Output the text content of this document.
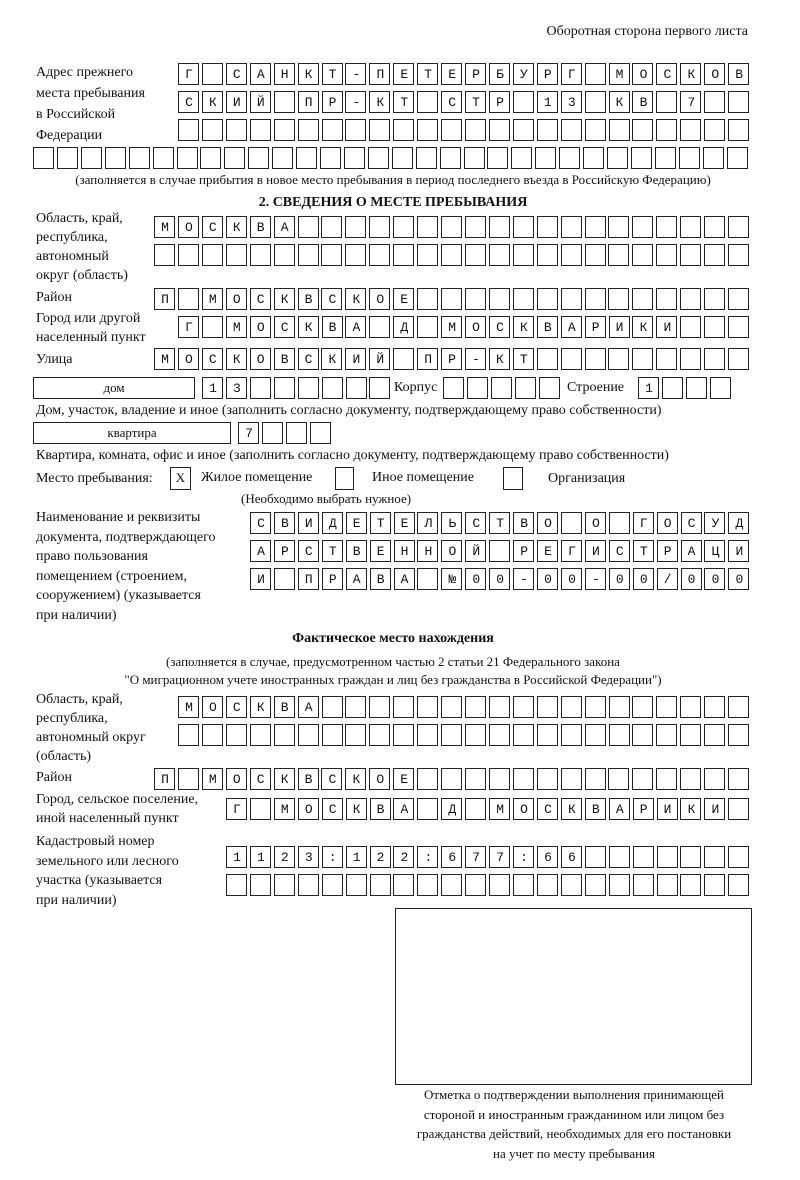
Оборотная сторона первого листа
Адрес прежнего
места пребывания
в Российской
Федерации
Г САНКТ-ПЕТЕРБУРГ МОСКОВ
СКИЙ ПР-КТ СТР 13 КВ 7
(заполняется в случае прибытия в новое место пребывания в период последнего въезда в Российскую Федерацию)
2. СВЕДЕНИЯ О МЕСТЕ ПРЕБЫВАНИЯ
Область, край,
республика,
автономный
округ (область)
МОСКВА
Район	П МОСКВСКОЕ
Город или другой
населенный пункт
Г МОСКВА Д МОСКВАРИКИ
Улица	МОСКОВСКИЙ ПР-КТ
дом	13	Корпус	Строение 1
Дом, участок, владение и иное (заполнить согласно документу, подтверждающему право собственности)
квартира	7
Квартира, комната, офис и иное (заполнить согласно документу, подтверждающему право собственности)
Место пребывания:	X	Жилое помещение	Иное помещение	Организация
(Необходимо выбрать нужное)
Наименование и реквизиты
документа, подтверждающего
право пользования
помещением (строением,
сооружением) (указывается
при наличии)
СВИДЕТЕЛЬСТВО О ГОСУД
АРСТВЕННОЙ РЕГИСТРАЦИ
И ПРАВА №00-00-00/000
Фактическое место нахождения
(заполняется в случае, предусмотренном частью 2 статьи 21 Федерального закона
"О миграционном учете иностранных граждан и лиц без гражданства в Российской Федерации")
Область, край,
республика,
автономный округ
(область)
МОСКВА
Район	П МОСКВСКОЕ
Город, сельское поселение,
иной населенный пункт
Г МОСКВА Д МОСКВАРИКИ
Кадастровый номер
земельного или лесного
участка (указывается
при наличии)
1123:122:677:66
Отметка о подтверждении выполнения принимающей
стороной и иностранным гражданином или лицом без
гражданства действий, необходимых для его постановки
на учет по месту пребывания
